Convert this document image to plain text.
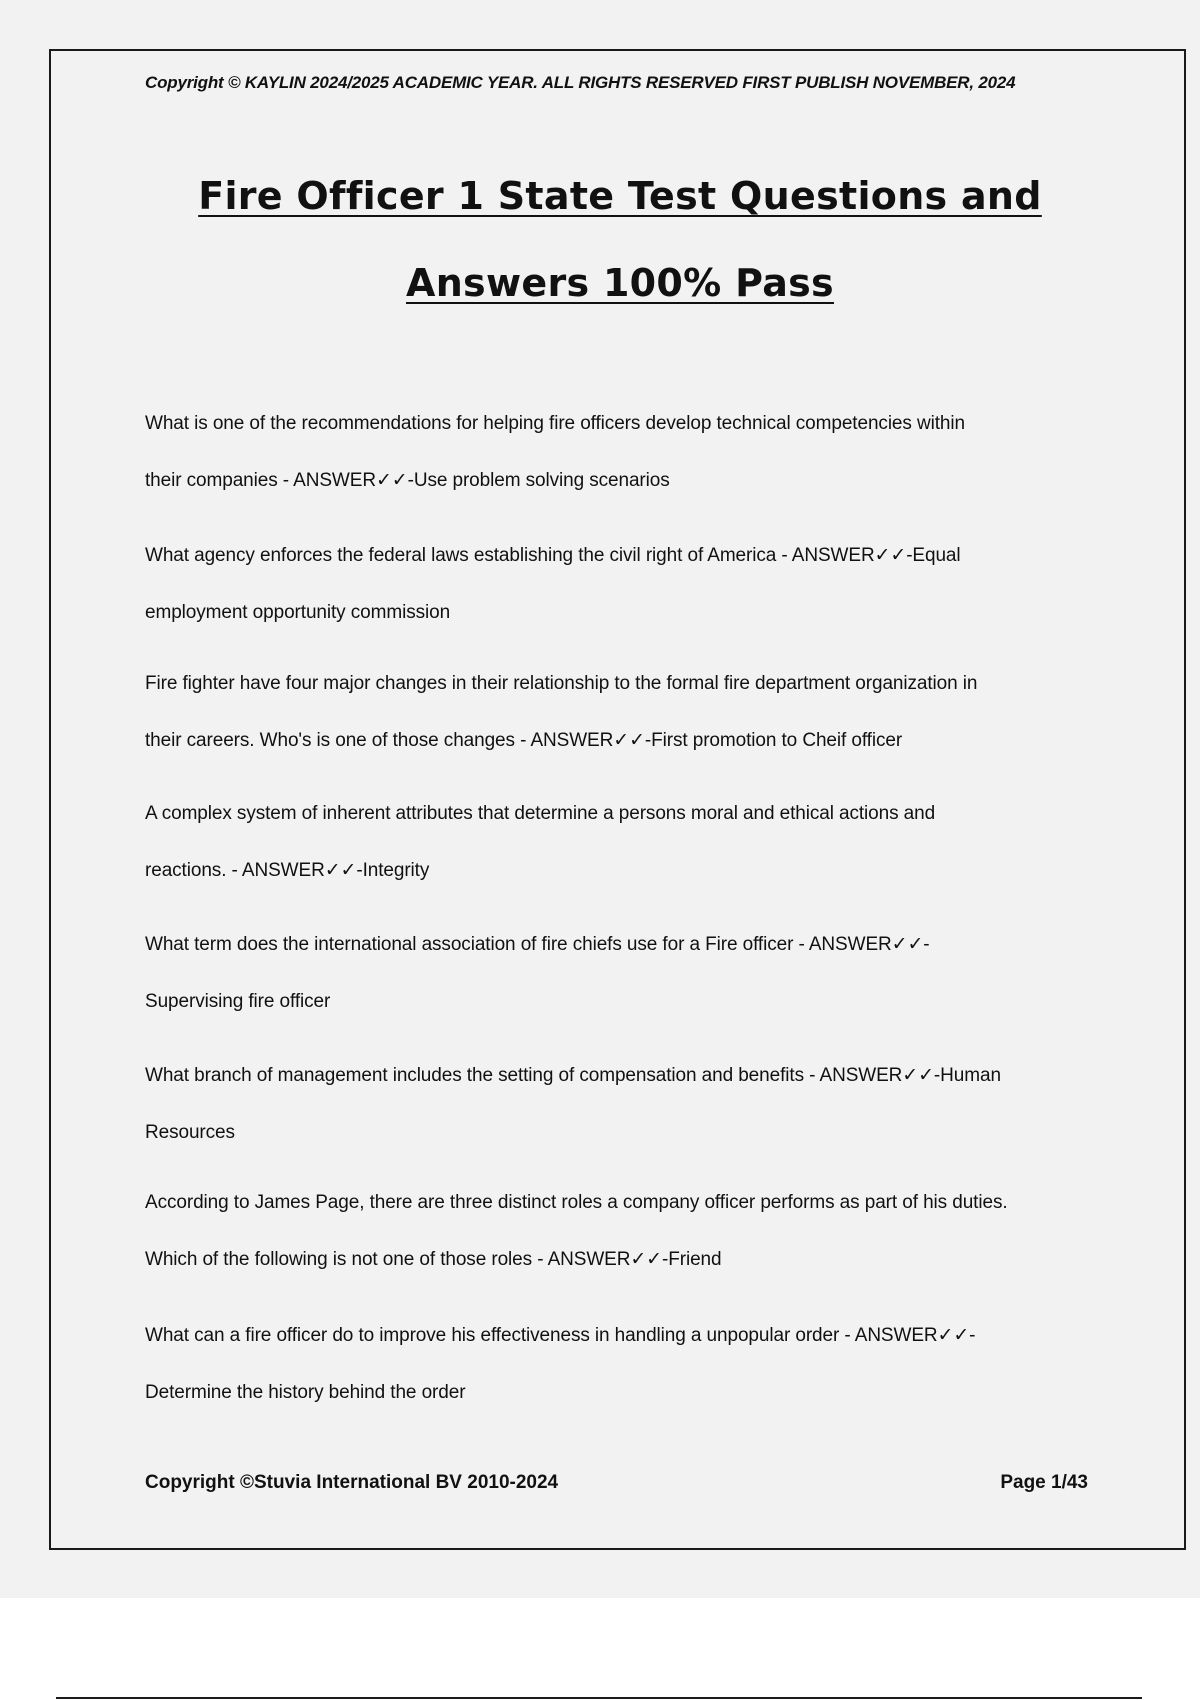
Copyright © KAYLIN 2024/2025 ACADEMIC YEAR. ALL RIGHTS RESERVED FIRST PUBLISH NOVEMBER, 2024
Fire Officer 1 State Test Questions and
Answers 100% Pass
What is one of the recommendations for helping fire officers develop technical competencies within
their companies - ANSWER✓✓-Use problem solving scenarios
What agency enforces the federal laws establishing the civil right of America - ANSWER✓✓-Equal
employment opportunity commission
Fire fighter have four major changes in their relationship to the formal fire department organization in
their careers. Who's is one of those changes - ANSWER✓✓-First promotion to Cheif officer
A complex system of inherent attributes that determine a persons moral and ethical actions and
reactions. - ANSWER✓✓-Integrity
What term does the international association of fire chiefs use for a Fire officer - ANSWER✓✓-
Supervising fire officer
What branch of management includes the setting of compensation and benefits - ANSWER✓✓-Human
Resources
According to James Page, there are three distinct roles a company officer performs as part of his duties.
Which of the following is not one of those roles - ANSWER✓✓-Friend
What can a fire officer do to improve his effectiveness in handling a unpopular order - ANSWER✓✓-
Determine the history behind the order
Copyright ©Stuvia International BV 2010-2024	Page 1/43
